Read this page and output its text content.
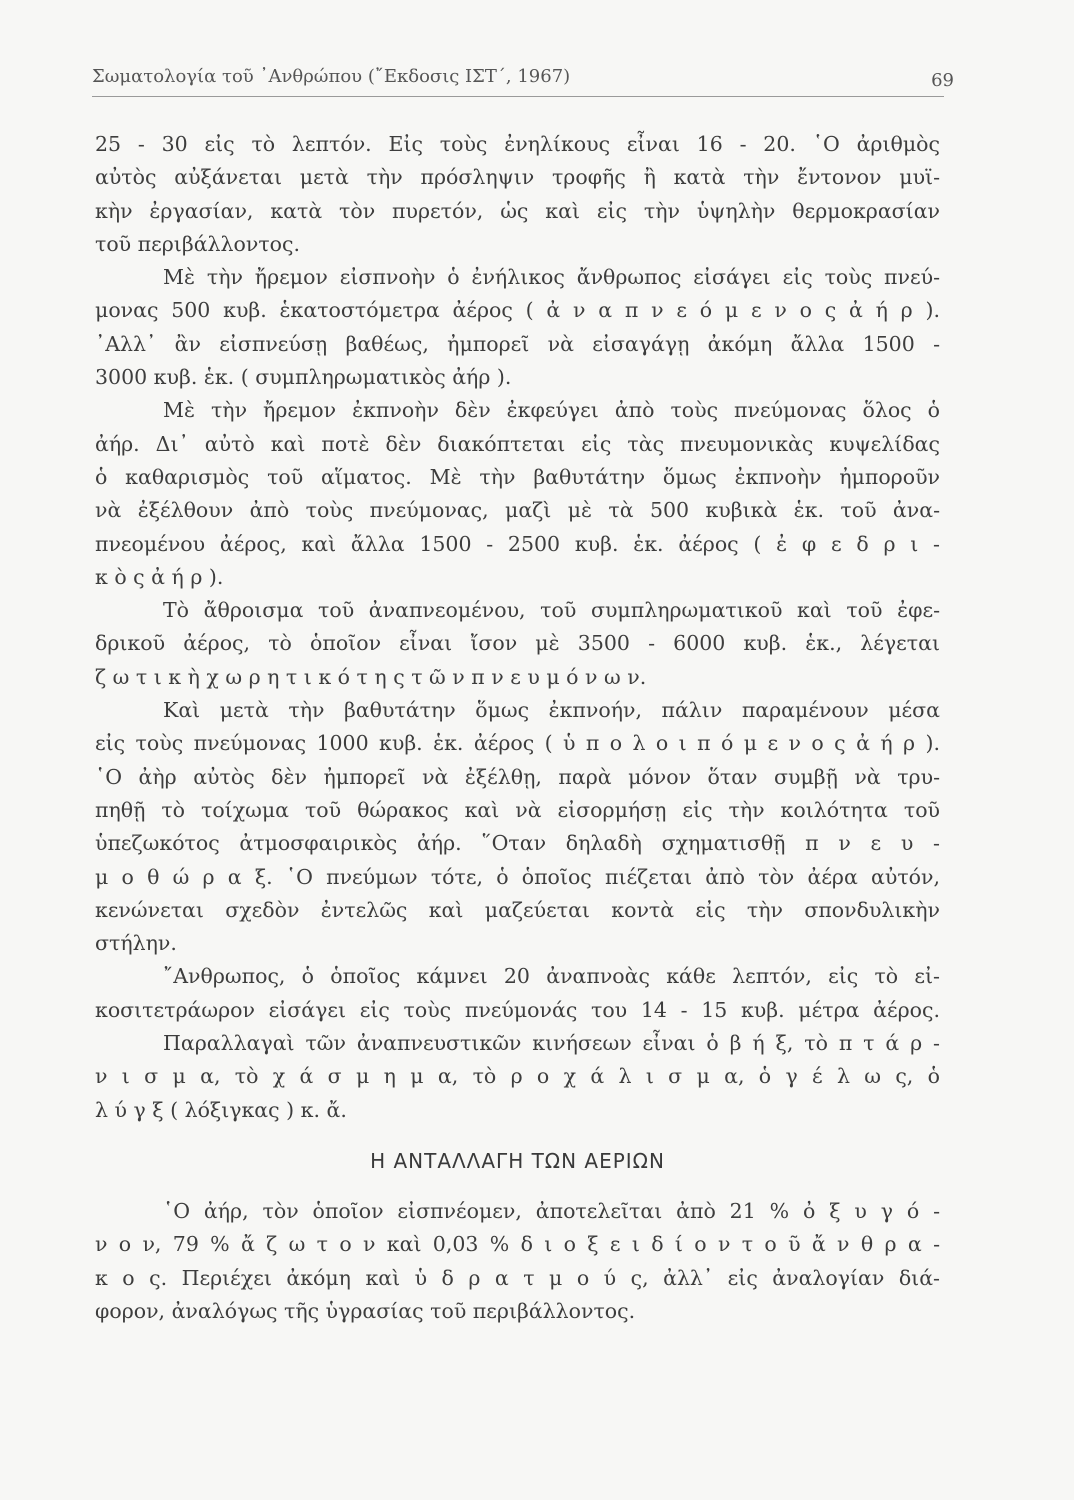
Σωματολογία τοῦ ᾽Ανθρώπου (῎Εκδοσις ΙΣΤ΄, 1967)	69
25 - 30 εἰς τὸ λεπτόν. Εἰς τοὺς ἐνηλίκους εἶναι 16 - 20. ῾Ο ἀριθμὸς
αὐτὸς αὐξάνεται μετὰ τὴν πρόσληψιν τροφῆς ἢ κατὰ τὴν ἔντονον μυϊ-
κὴν ἐργασίαν, κατὰ τὸν πυρετόν, ὡς καὶ εἰς τὴν ὑψηλὴν θερμοκρασίαν
τοῦ περιβάλλοντος.
Μὲ τὴν ἤρεμον εἰσπνοὴν ὁ ἐνήλικος ἄνθρωπος εἰσάγει εἰς τοὺς πνεύ-
μονας 500 κυβ. ἑκατοστόμετρα ἀέρος ( ἀ ν α π ν ε ό μ ε ν ο ς ἀ ή ρ ).
᾽Αλλ᾽ ἂν εἰσπνεύσῃ βαθέως, ἠμπορεῖ νὰ εἰσαγάγῃ ἀκόμη ἄλλα 1500 -
3000 κυβ. ἑκ. ( συμπληρωματικὸς ἀήρ ).
Μὲ τὴν ἤρεμον ἐκπνοὴν δὲν ἐκφεύγει ἀπὸ τοὺς πνεύμονας ὅλος ὁ
ἀήρ. Δι᾽ αὐτὸ καὶ ποτὲ δὲν διακόπτεται εἰς τὰς πνευμονικὰς κυψελίδας
ὁ καθαρισμὸς τοῦ αἵματος. Μὲ τὴν βαθυτάτην ὅμως ἐκπνοὴν ἠμποροῦν
νὰ ἐξέλθουν ἀπὸ τοὺς πνεύμονας, μαζὶ μὲ τὰ 500 κυβικὰ ἑκ. τοῦ ἀνα-
πνεομένου ἀέρος, καὶ ἄλλα 1500 - 2500 κυβ. ἑκ. ἀέρος ( ἐ φ ε δ ρ ι -
κ ὸ ς ἀ ή ρ ).
Τὸ ἄθροισμα τοῦ ἀναπνεομένου, τοῦ συμπληρωματικοῦ καὶ τοῦ ἐφε-
δρικοῦ ἀέρος, τὸ ὁποῖον εἶναι ἴσον μὲ 3500 - 6000 κυβ. ἑκ., λέγεται
ζ ω τ ι κ ὴ χ ω ρ η τ ι κ ό τ η ς τ ῶ ν π ν ε υ μ ό ν ω ν.
Καὶ μετὰ τὴν βαθυτάτην ὅμως ἐκπνοήν, πάλιν παραμένουν μέσα
εἰς τοὺς πνεύμονας 1000 κυβ. ἑκ. ἀέρος ( ὑ π ο λ ο ι π ό μ ε ν ο ς ἀ ή ρ ).
῾Ο ἀὴρ αὐτὸς δὲν ἠμπορεῖ νὰ ἐξέλθῃ, παρὰ μόνον ὅταν συμβῇ νὰ τρυ-
πηθῇ τὸ τοίχωμα τοῦ θώρακος καὶ νὰ εἰσορμήσῃ εἰς τὴν κοιλότητα τοῦ
ὑπεζωκότος ἀτμοσφαιρικὸς ἀήρ. ῞Οταν δηλαδὴ σχηματισθῇ π ν ε υ -
μ ο θ ώ ρ α ξ. ῾Ο πνεύμων τότε, ὁ ὁποῖος πιέζεται ἀπὸ τὸν ἀέρα αὐτόν,
κενώνεται σχεδὸν ἐντελῶς καὶ μαζεύεται κοντὰ εἰς τὴν σπονδυλικὴν
στήλην.
῎Ανθρωπος, ὁ ὁποῖος κάμνει 20 ἀναπνοὰς κάθε λεπτόν, εἰς τὸ εἰ-
κοσιτετράωρον εἰσάγει εἰς τοὺς πνεύμονάς του 14 - 15 κυβ. μέτρα ἀέρος.
Παραλλαγαὶ τῶν ἀναπνευστικῶν κινήσεων εἶναι ὁ β ή ξ, τὸ π τ ά ρ -
ν ι σ μ α, τὸ χ ά σ μ η μ α, τὸ ρ ο χ ά λ ι σ μ α, ὁ γ έ λ ω ς, ὁ
λ ύ γ ξ ( λόξιγκας ) κ. ἄ.
Η ΑΝΤΑΛΛΑΓΗ ΤΩΝ ΑΕΡΙΩΝ
῾Ο ἀήρ, τὸν ὁποῖον εἰσπνέομεν, ἀποτελεῖται ἀπὸ 21 % ὀ ξ υ γ ό -
ν ο ν, 79 % ἄ ζ ω τ ο ν καὶ 0,03 % δ ι ο ξ ε ι δ ί ο ν τ ο ῦ ἄ ν θ ρ α -
κ ο ς. Περιέχει ἀκόμη καὶ ὑ δ ρ α τ μ ο ύ ς, ἀλλ᾽ εἰς ἀναλογίαν διά-
φορον, ἀναλόγως τῆς ὑγρασίας τοῦ περιβάλλοντος.
